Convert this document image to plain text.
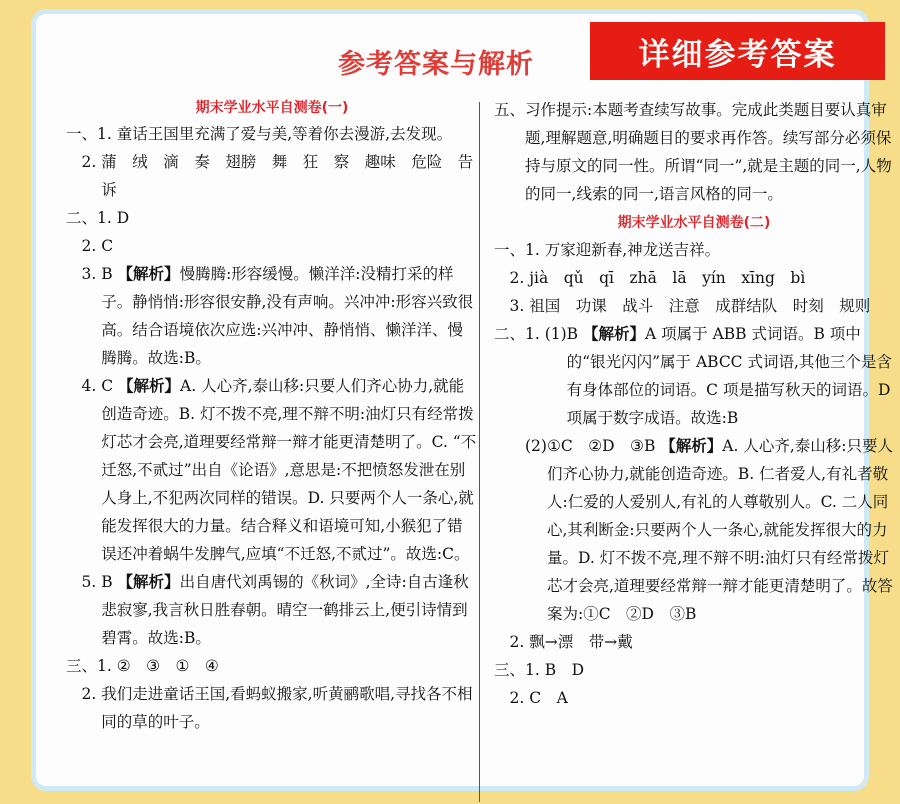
参考答案与解析
期末学业水平自测卷(一)
一、1. 童话王国里充满了爱与美,等着你去漫游,去发现。
　2. 蒲　绒　滴　奏　翅膀　舞　狂　察　趣味　危险　告诉
二、1. D
　2. C
　3. B 【解析】慢腾腾:形容缓慢。懒洋洋:没精打采的样子。静悄悄:形容很安静,没有声响。兴冲冲:形容兴致很高。结合语境依次应选:兴冲冲、静悄悄、懒洋洋、慢腾腾。故选:B。
　4. C 【解析】A. 人心齐,泰山移:只要人们齐心协力,就能创造奇迹。B. 灯不拨不亮,理不辩不明:油灯只有经常拨灯芯才会亮,道理要经常辩一辩才能更清楚明了。C. “不迁怒,不贰过”出自《论语》,意思是:不把愤怒发泄在别人身上,不犯两次同样的错误。D. 只要两个人一条心,就能发挥很大的力量。结合释义和语境可知,小猴犯了错误还冲着蜗牛发脾气,应填“不迁怒,不贰过”。故选:C。
　5. B 【解析】出自唐代刘禹锡的《秋词》,全诗:自古逢秋悲寂寥,我言秋日胜春朝。晴空一鹤排云上,便引诗情到碧霄。故选:B。
三、1. ②　③　①　④
　2. 我们走进童话王国,看蚂蚁搬家,听黄鹂歌唱,寻找各不相同的草的叶子。
五、 习作提示:本题考查续写故事。完成此类题目要认真审题,理解题意,明确题目的要求再作答。续写部分必须保持与原文的同一性。所谓“同一”,就是主题的同一,人物的同一,线索的同一,语言风格的同一。
期末学业水平自测卷(二)
一、1. 万家迎新春,神龙送吉祥。
　2. jià　qǔ　qī　zhā　lā　yín　xīng　bì
　3. 祖国　功课　战斗　注意　成群结队　时刻　规则
二、1. (1) B 【解析】A 项属于 ABB 式词语。B 项中的“银光闪闪”属于 ABCC 式词语,其他三个是含有身体部位的词语。C 项是描写秋天的词语。D 项属于数字成语。故选:B
　　(2) ①C　②D　③B 【解析】A. 人心齐,泰山移:只要人们齐心协力,就能创造奇迹。B. 仁者爱人,有礼者敬人:仁爱的人爱别人,有礼的人尊敬别人。C. 二人同心,其利断金:只要两个人一条心,就能发挥很大的力量。D. 灯不拨不亮,理不辩不明:油灯只有经常拨灯芯才会亮,道理要经常辩一辩才能更清楚明了。故答案为:①C　②D　③B
　2. 飘→漂　带→戴
三、1. B　D
　2. C　A
详细参考答案
